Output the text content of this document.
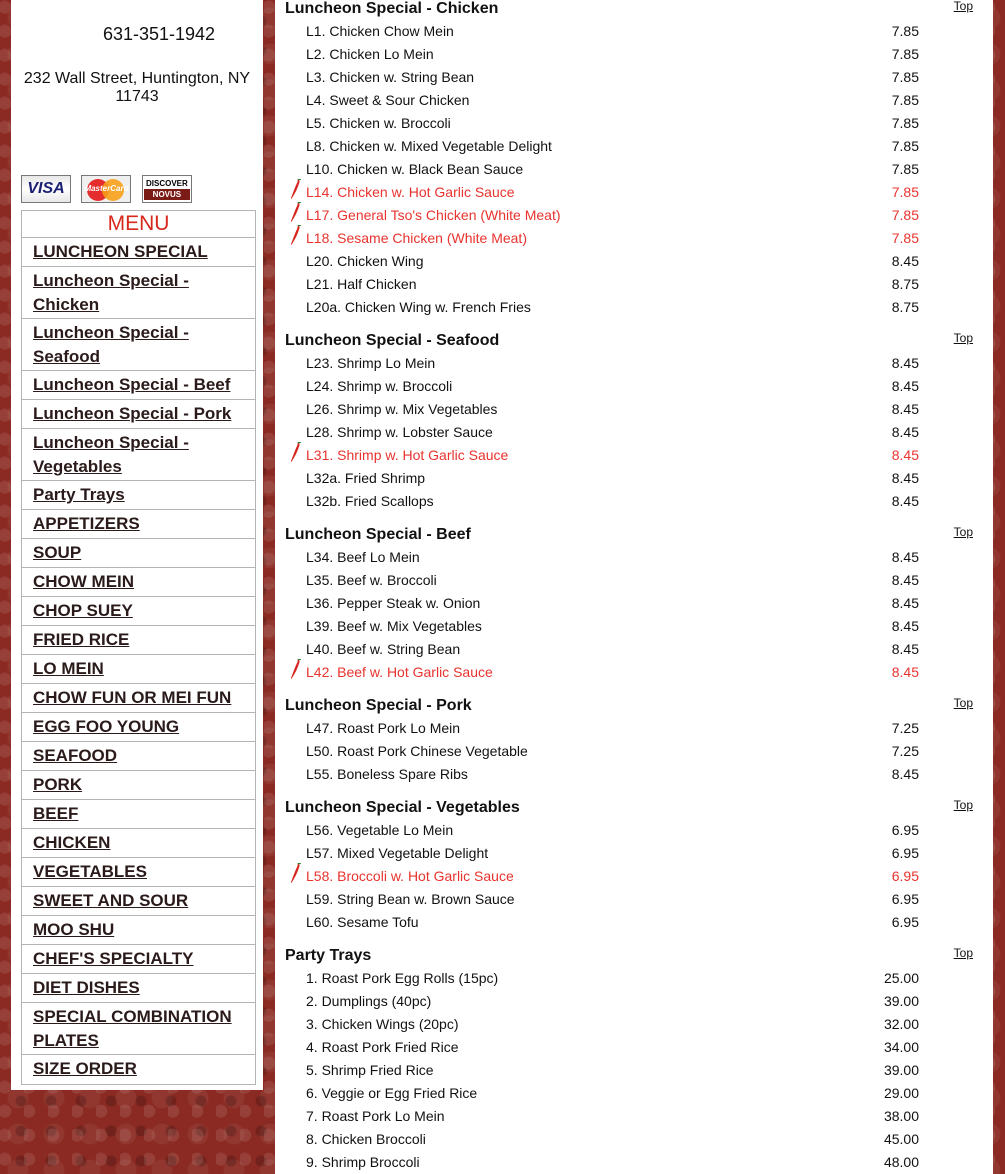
631-351-1942
232 Wall Street, Huntington, NY 11743
VISA
	MasterCard

DISCOVER
NOVUS
MENU
LUNCHEON SPECIAL
Luncheon Special - Chicken
Luncheon Special - Seafood
Luncheon Special - Beef
Luncheon Special - Pork
Luncheon Special - Vegetables
Party Trays
APPETIZERS
SOUP
CHOW MEIN
CHOP SUEY
FRIED RICE
LO MEIN
CHOW FUN OR MEI FUN
EGG FOO YOUNG
SEAFOOD
PORK
BEEF
CHICKEN
VEGETABLES
SWEET AND SOUR
MOO SHU
CHEF'S SPECIALTY
DIET DISHES
SPECIAL COMBINATION PLATES
SIZE ORDER
Luncheon Special - Chicken	Top
L1. Chicken Chow Mein	7.85
L2. Chicken Lo Mein	7.85
L3. Chicken w. String Bean	7.85
L4. Sweet & Sour Chicken	7.85
L5. Chicken w. Broccoli	7.85
L8. Chicken w. Mixed Vegetable Delight	7.85
L10. Chicken w. Black Bean Sauce	7.85
L14. Chicken w. Hot Garlic Sauce	7.85
L17. General Tso's Chicken (White Meat)	7.85
L18. Sesame Chicken (White Meat)	7.85
L20. Chicken Wing	8.45
L21. Half Chicken	8.75
L20a. Chicken Wing w. French Fries	8.75
Luncheon Special - Seafood	Top
L23. Shrimp Lo Mein	8.45
L24. Shrimp w. Broccoli	8.45
L26. Shrimp w. Mix Vegetables	8.45
L28. Shrimp w. Lobster Sauce	8.45
L31. Shrimp w. Hot Garlic Sauce	8.45
L32a. Fried Shrimp	8.45
L32b. Fried Scallops	8.45
Luncheon Special - Beef	Top
L34. Beef Lo Mein	8.45
L35. Beef w. Broccoli	8.45
L36. Pepper Steak w. Onion	8.45
L39. Beef w. Mix Vegetables	8.45
L40. Beef w. String Bean	8.45
L42. Beef w. Hot Garlic Sauce	8.45
Luncheon Special - Pork	Top
L47. Roast Pork Lo Mein	7.25
L50. Roast Pork Chinese Vegetable	7.25
L55. Boneless Spare Ribs	8.45
Luncheon Special - Vegetables	Top
L56. Vegetable Lo Mein	6.95
L57. Mixed Vegetable Delight	6.95
L58. Broccoli w. Hot Garlic Sauce	6.95
L59. String Bean w. Brown Sauce	6.95
L60. Sesame Tofu	6.95
Party Trays	Top
1. Roast Pork Egg Rolls (15pc)	25.00
2. Dumplings (40pc)	39.00
3. Chicken Wings (20pc)	32.00
4. Roast Pork Fried Rice	34.00
5. Shrimp Fried Rice	39.00
6. Veggie or Egg Fried Rice	29.00
7. Roast Pork Lo Mein	38.00
8. Chicken Broccoli	45.00
9. Shrimp Broccoli	48.00
